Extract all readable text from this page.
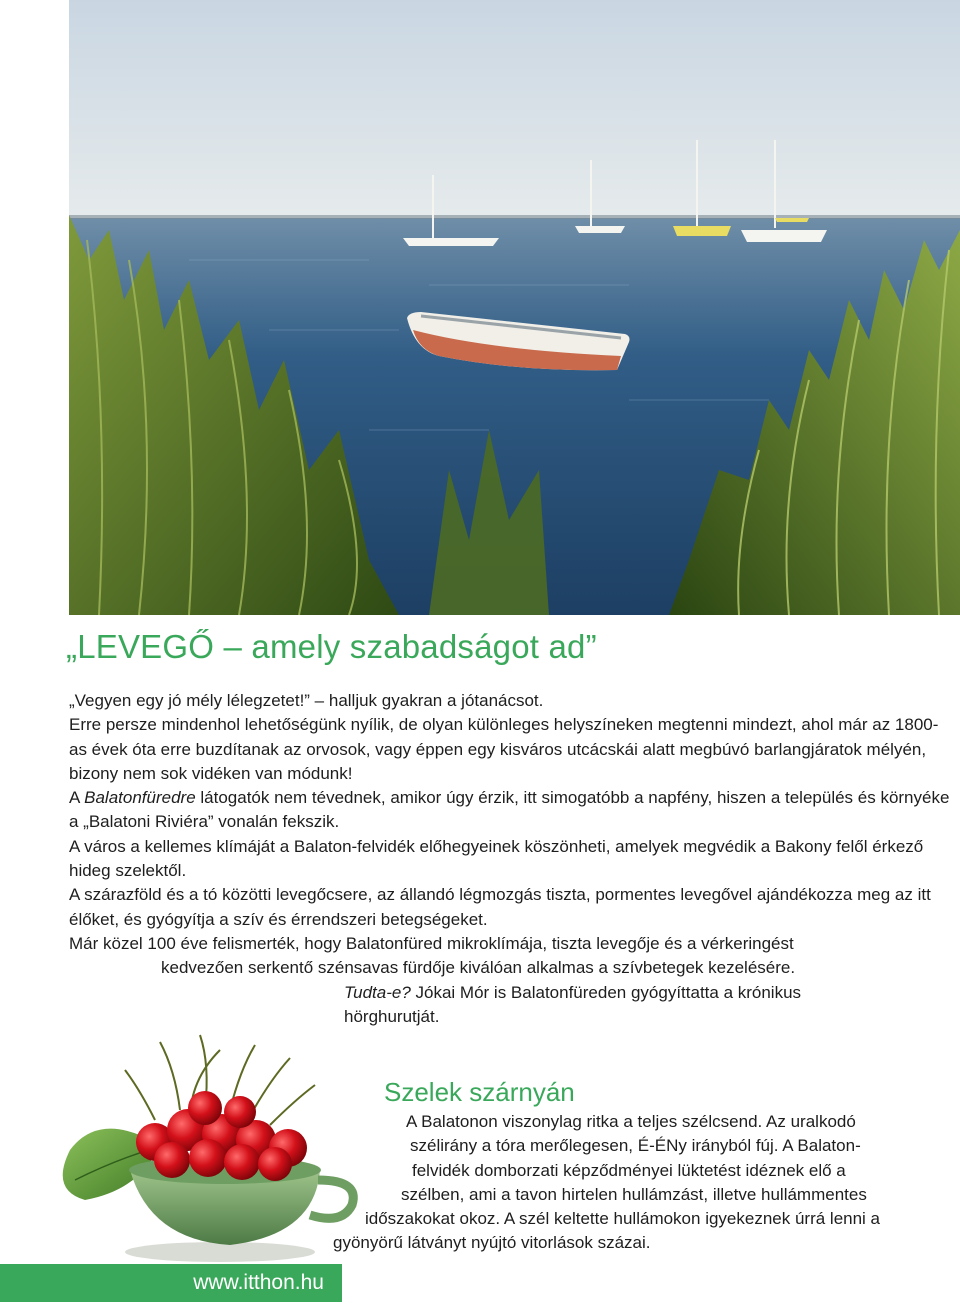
„LEVEGŐ – amely szabadságot ad”

„Vegyen egy jó mély lélegzetet!” – halljuk gyakran a jótanácsot.

Erre persze mindenhol lehetőségünk nyílik, de olyan különleges helyszíneken megtenni mindezt, ahol már az 1800-as évek óta erre buzdítanak az orvosok, vagy éppen egy kisváros utcácskái alatt megbúvó barlangjáratok mélyén, bizony nem sok vidéken van módunk!

A Balatonfüredre látogatók nem tévednek, amikor úgy érzik, itt simogatóbb a napfény, hiszen a település és környéke a „Balatoni Riviéra” vonalán fekszik.

A város a kellemes klímáját a Balaton-felvidék előhegyeinek köszönheti, amelyek megvédik a Bakony felől érkező hideg szelektől.

A szárazföld és a tó közötti levegőcsere, az állandó légmozgás tiszta, pormentes levegővel ajándékozza meg az itt élőket, és gyógyítja a szív és érrendszeri betegségeket.

Már közel 100 éve felismerték, hogy Balatonfüred mikroklímája, tiszta levegője és a vérkeringést

kedvezően serkentő szénsavas fürdője kiválóan alkalmas a szívbetegek kezelésére.

Tudta-e? Jókai Mór is Balatonfüreden gyógyíttatta a krónikus

hörghurutját.

Szelek szárnyán

A Balatonon viszonylag ritka a teljes szélcsend. Az uralkodó

szélirány a tóra merőlegesen, É-ÉNy irányból fúj. A Balaton-

felvidék domborzati képződményei lüktetést idéznek elő a

szélben, ami a tavon hirtelen hullámzást, illetve hullámmentes

időszakokat okoz. A szél keltette hullámokon igyekeznek úrrá lenni a

gyönyörű látványt nyújtó vitorlások százai.

www.itthon.hu
